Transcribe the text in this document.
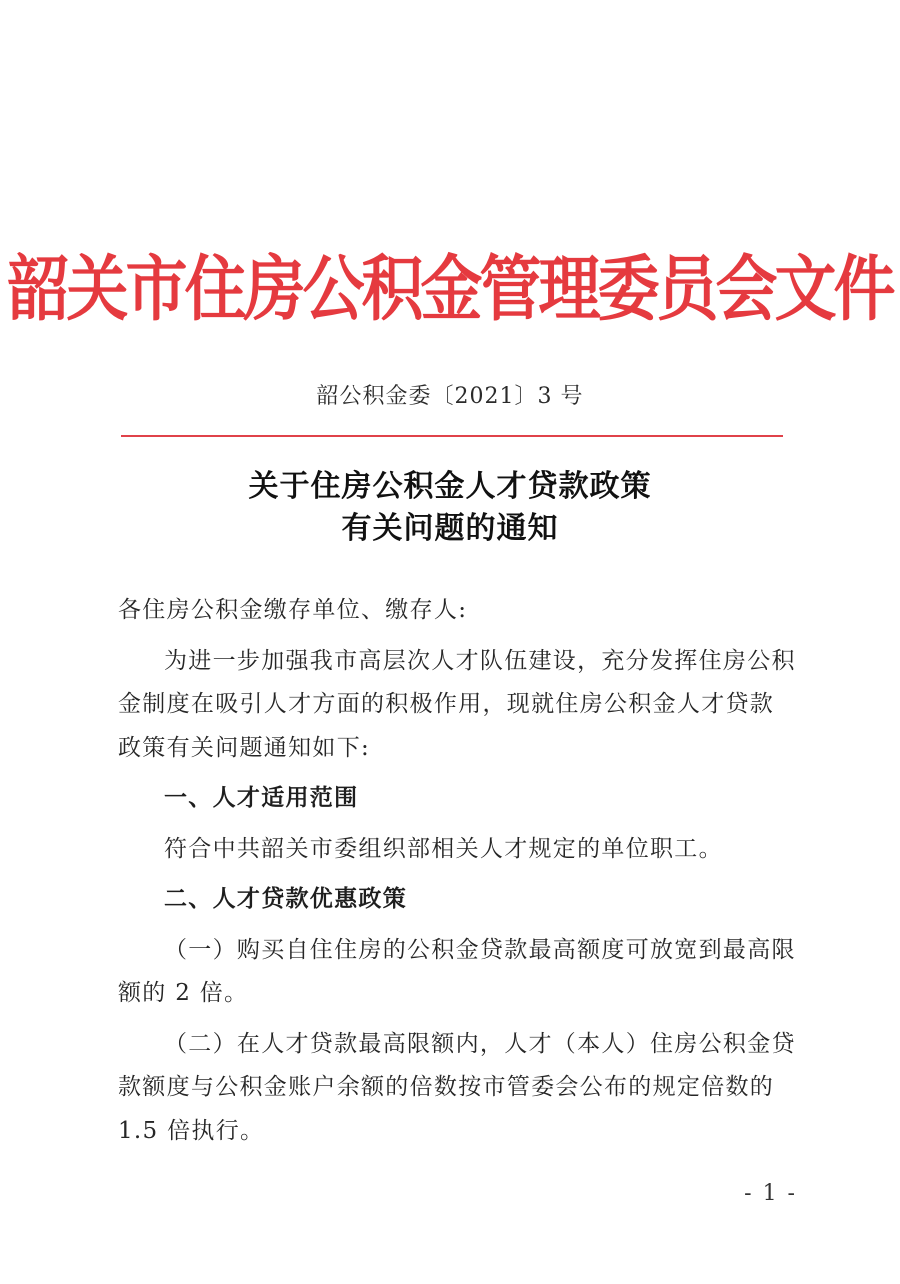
韶关市住房公积金管理委员会文件
韶公积金委〔2021〕3 号
关于住房公积金人才贷款政策
有关问题的通知

各住房公积金缴存单位、缴存人:

为进一步加强我市高层次人才队伍建设，充分发挥住房公积金制度在吸引人才方面的积极作用，现就住房公积金人才贷款政策有关问题通知如下:

一、人才适用范围

符合中共韶关市委组织部相关人才规定的单位职工。

二、人才贷款优惠政策

（一）购买自住住房的公积金贷款最高额度可放宽到最高限额的 2 倍。

（二）在人才贷款最高限额内，人才（本人）住房公积金贷款额度与公积金账户余额的倍数按市管委会公布的规定倍数的 1.5 倍执行。

- 1 -
